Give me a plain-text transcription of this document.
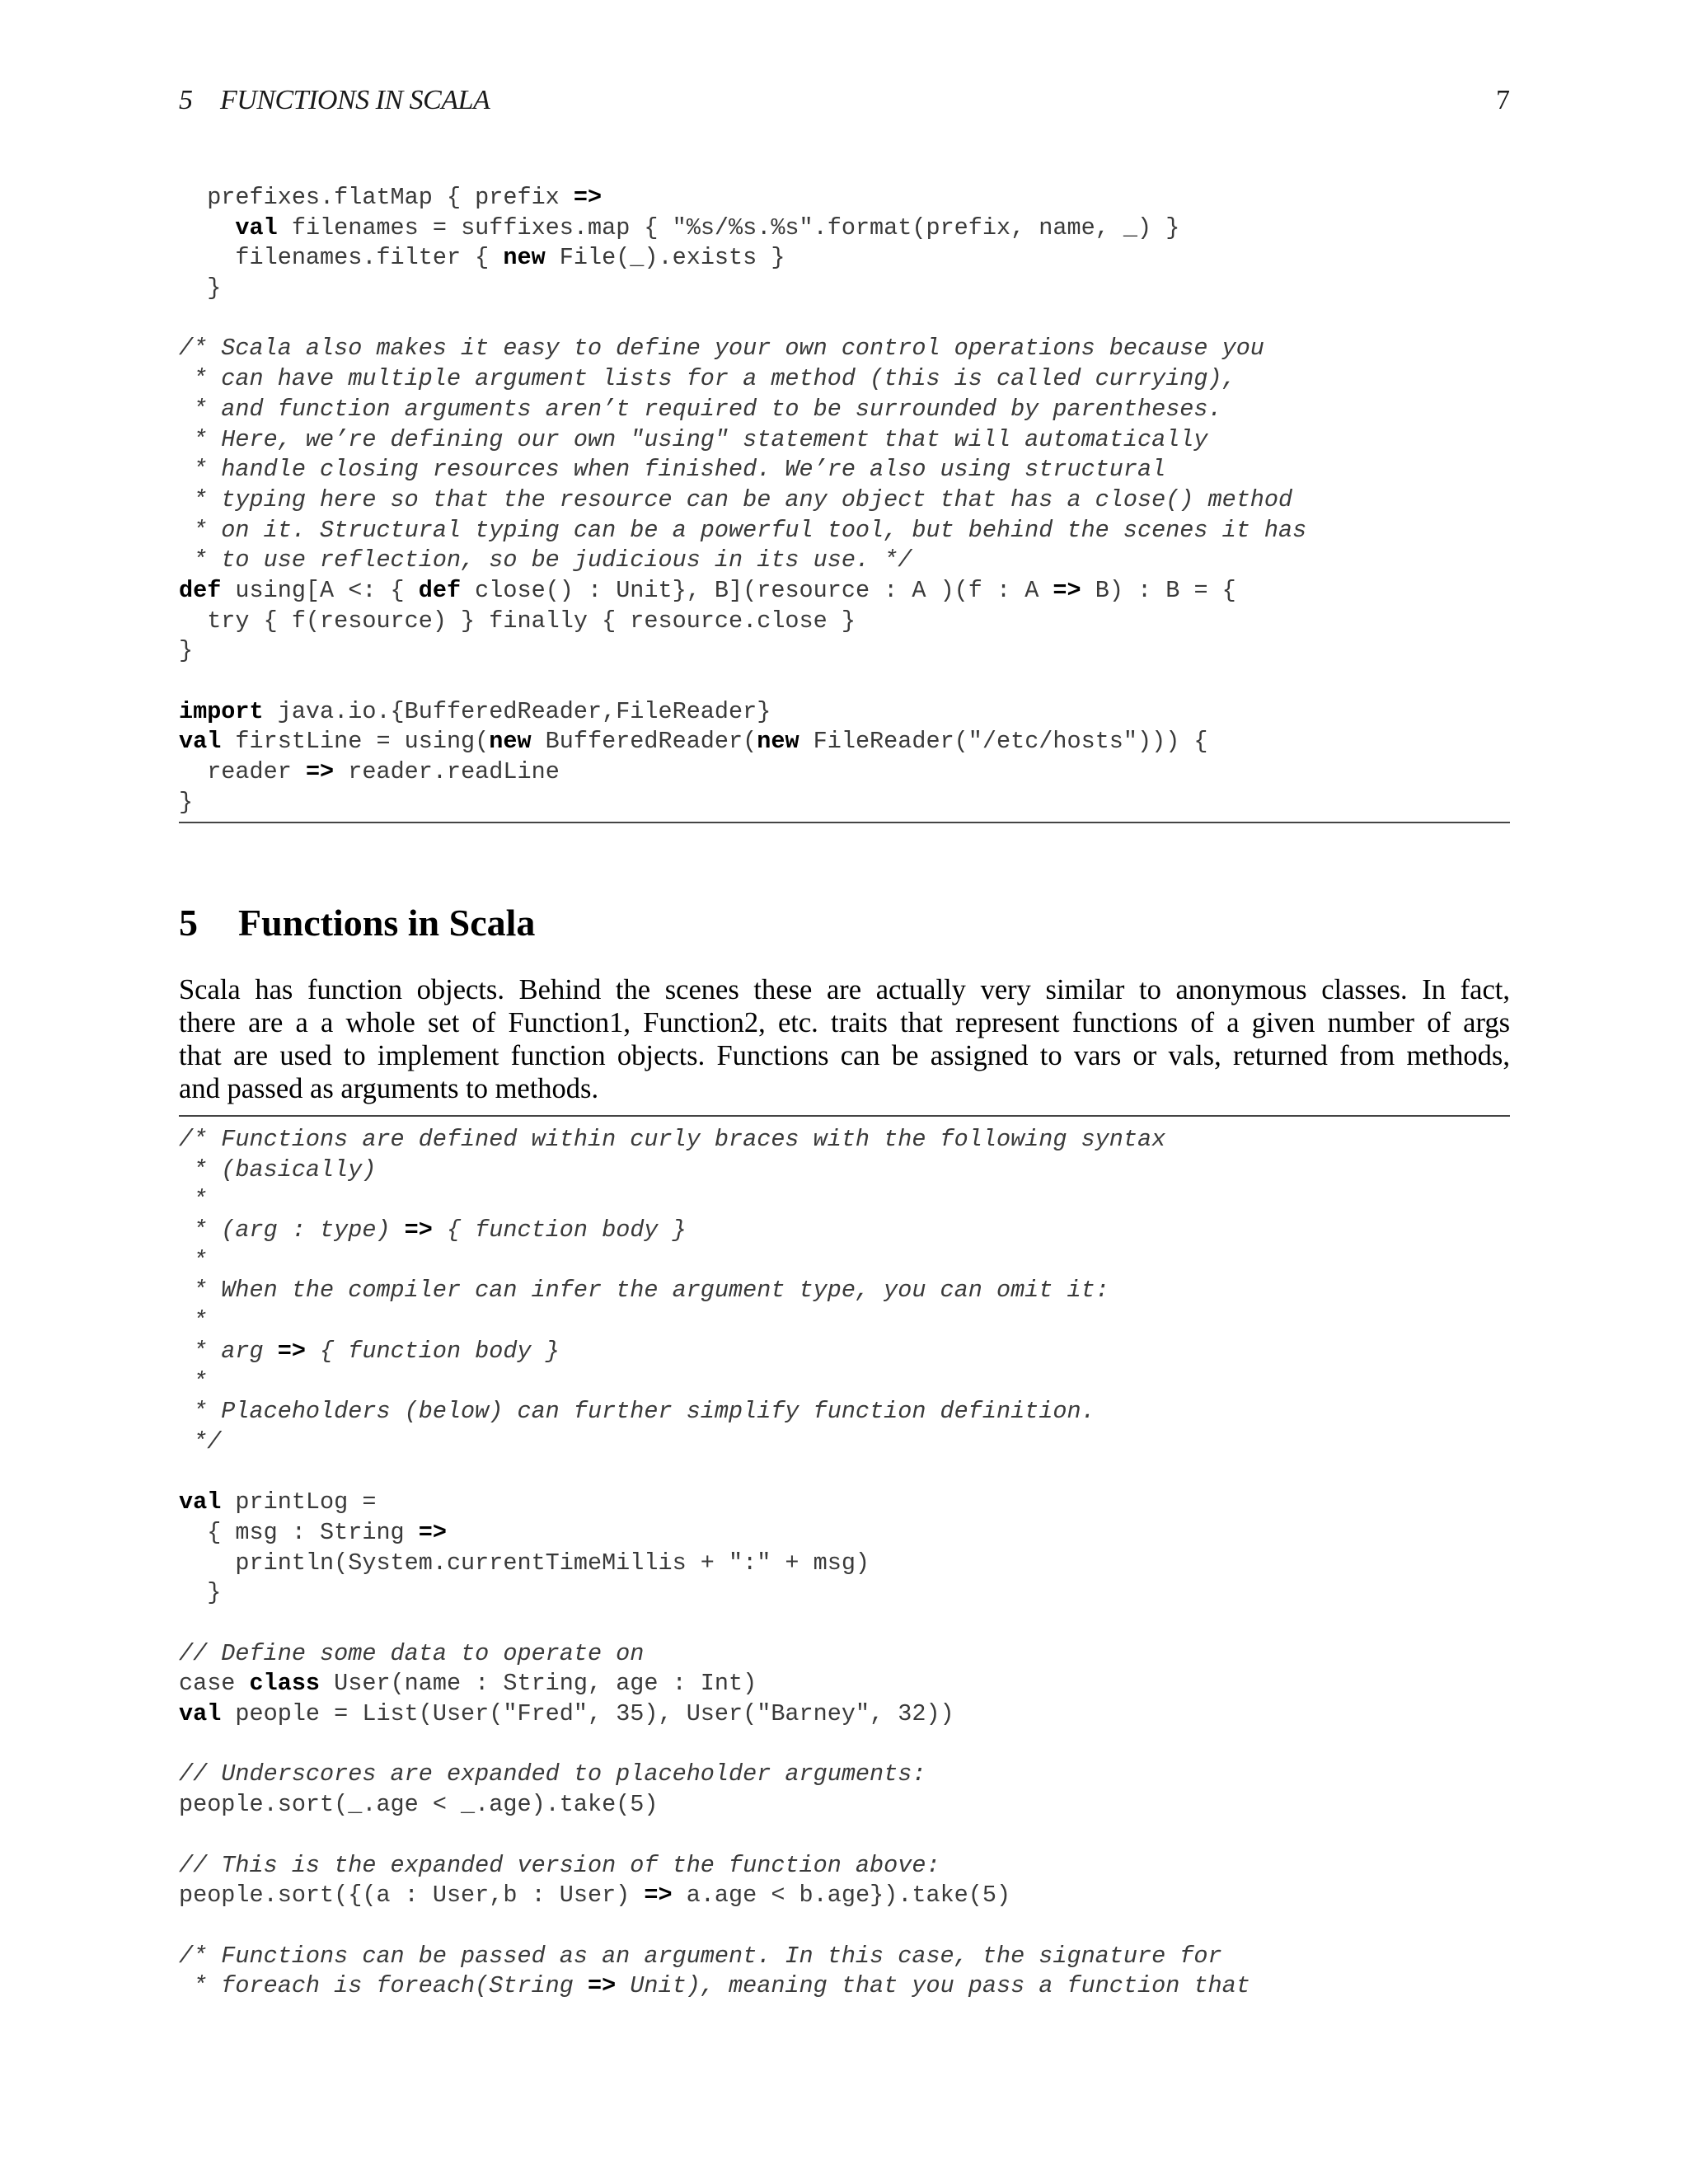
5 FUNCTIONS IN SCALA	7
prefixes.flatMap { prefix =>
val filenames = suffixes.map { "%s/%s.%s".format(prefix, name, _) }
filenames.filter { new File(_).exists }
}
/* Scala also makes it easy to define your own control operations because you
* can have multiple argument lists for a method (this is called currying),
* and function arguments aren’t required to be surrounded by parentheses.
* Here, we’re defining our own "using" statement that will automatically
* handle closing resources when finished. We’re also using structural
* typing here so that the resource can be any object that has a close() method
* on it. Structural typing can be a powerful tool, but behind the scenes it has
* to use reflection, so be judicious in its use. */
def using[A <: { def close() : Unit}, B](resource : A )(f : A => B) : B = {
try { f(resource) } finally { resource.close }
}
import java.io.{BufferedReader,FileReader}
val firstLine = using(new BufferedReader(new FileReader("/etc/hosts"))) {
reader => reader.readLine
}
5 Functions in Scala

Scala has function objects. Behind the scenes these are actually very similar to anonymous classes. In fact,
there are a a whole set of Function1, Function2, etc. traits that represent functions of a given number of args
that are used to implement function objects. Functions can be assigned to vars or vals, returned from methods,
and passed as arguments to methods.

/* Functions are defined within curly braces with the following syntax
* (basically)
*
* (arg : type) => { function body }
*
* When the compiler can infer the argument type, you can omit it:
*
* arg => { function body }
*
* Placeholders (below) can further simplify function definition.
*/
val printLog =
{ msg : String =>
println(System.currentTimeMillis + ":" + msg)
}
// Define some data to operate on
case class User(name : String, age : Int)
val people = List(User("Fred", 35), User("Barney", 32))
// Underscores are expanded to placeholder arguments:
people.sort(_.age < _.age).take(5)
// This is the expanded version of the function above:
people.sort({(a : User,b : User) => a.age < b.age}).take(5)
/* Functions can be passed as an argument. In this case, the signature for
* foreach is foreach(String => Unit), meaning that you pass a function that
